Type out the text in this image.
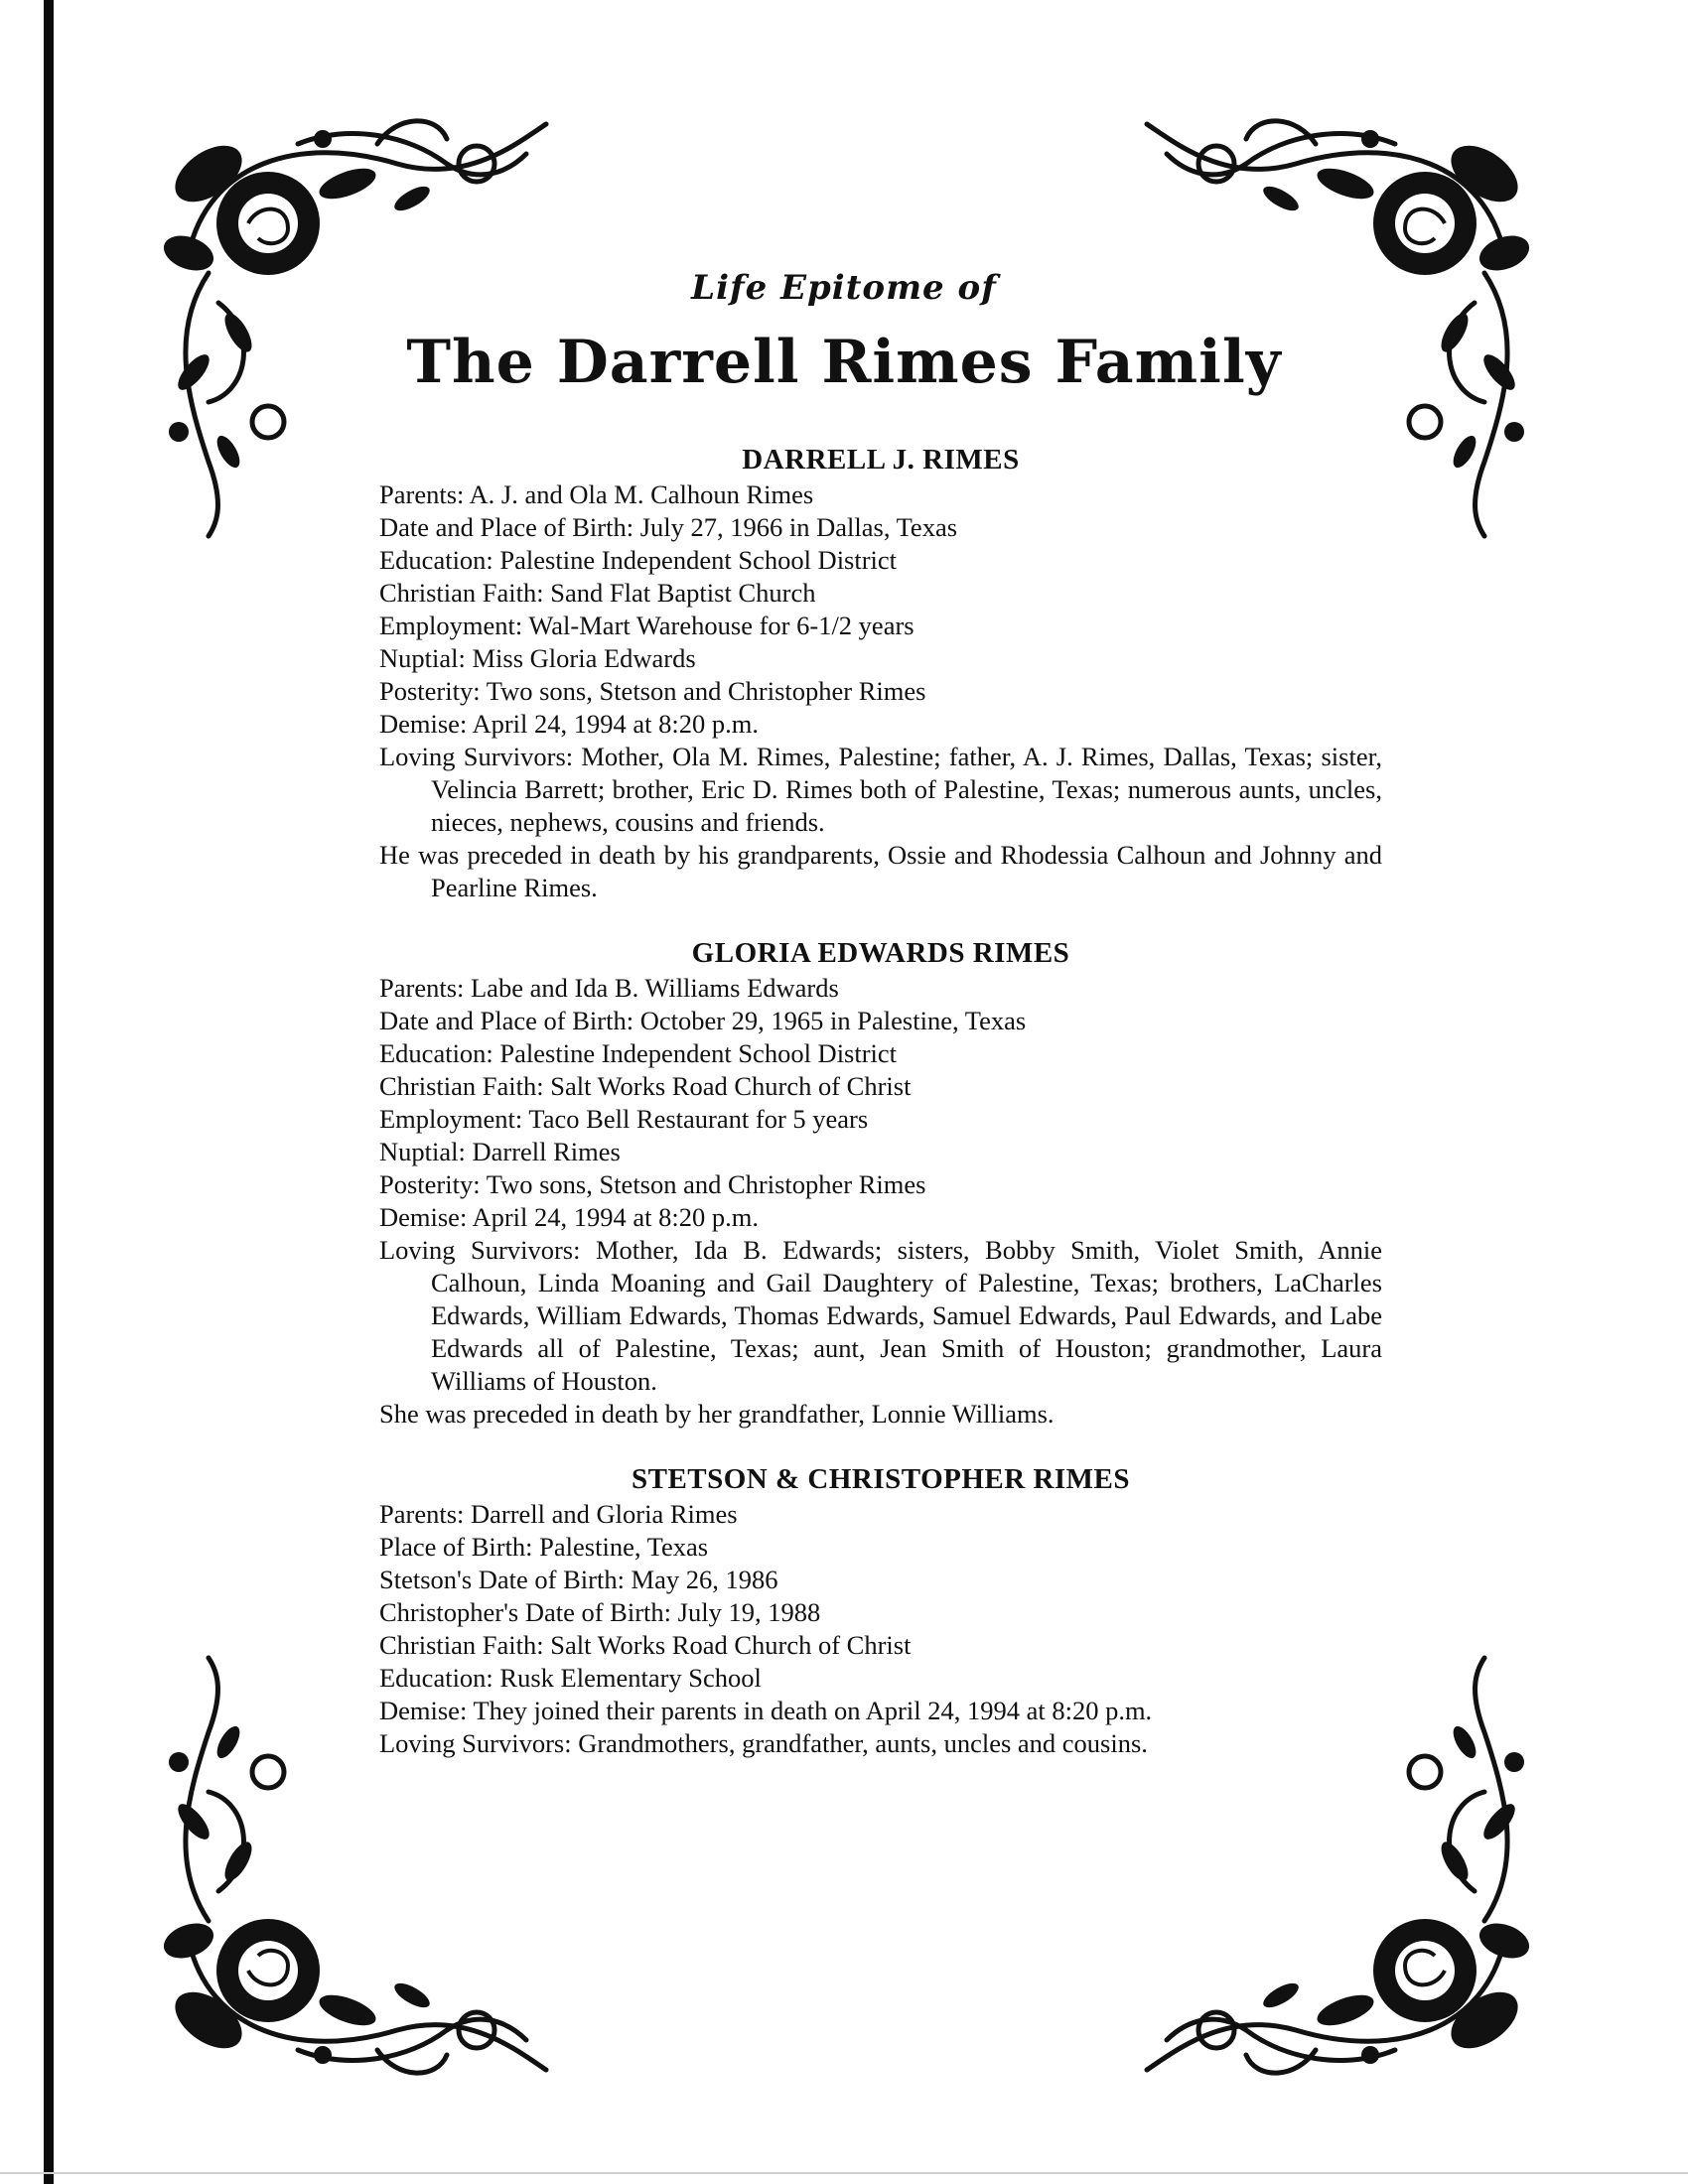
Life Epitome of
The Darrell Rimes Family
DARRELL J. RIMES

Parents: A. J. and Ola M. Calhoun Rimes

Date and Place of Birth: July 27, 1966 in Dallas, Texas

Education: Palestine Independent School District

Christian Faith: Sand Flat Baptist Church

Employment: Wal-Mart Warehouse for 6-1/2 years

Nuptial: Miss Gloria Edwards

Posterity: Two sons, Stetson and Christopher Rimes

Demise: April 24, 1994 at 8:20 p.m.

Loving Survivors: Mother, Ola M. Rimes, Palestine; father, A. J. Rimes, Dallas, Texas; sister, Velincia Barrett; brother, Eric D. Rimes both of Palestine, Texas; numerous aunts, uncles, nieces, nephews, cousins and friends.

He was preceded in death by his grandparents, Ossie and Rhodessia Calhoun and Johnny and Pearline Rimes.

GLORIA EDWARDS RIMES

Parents: Labe and Ida B. Williams Edwards

Date and Place of Birth: October 29, 1965 in Palestine, Texas

Education: Palestine Independent School District

Christian Faith: Salt Works Road Church of Christ

Employment: Taco Bell Restaurant for 5 years

Nuptial: Darrell Rimes

Posterity: Two sons, Stetson and Christopher Rimes

Demise: April 24, 1994 at 8:20 p.m.

Loving Survivors: Mother, Ida B. Edwards; sisters, Bobby Smith, Violet Smith, Annie Calhoun, Linda Moaning and Gail Daughtery of Palestine, Texas; brothers, LaCharles Edwards, William Edwards, Thomas Edwards, Samuel Edwards, Paul Edwards, and Labe Edwards all of Palestine, Texas; aunt, Jean Smith of Houston; grandmother, Laura Williams of Houston.

She was preceded in death by her grandfather, Lonnie Williams.

STETSON & CHRISTOPHER RIMES

Parents: Darrell and Gloria Rimes

Place of Birth: Palestine, Texas

Stetson's Date of Birth: May 26, 1986

Christopher's Date of Birth: July 19, 1988

Christian Faith: Salt Works Road Church of Christ

Education: Rusk Elementary School

Demise: They joined their parents in death on April 24, 1994 at 8:20 p.m.

Loving Survivors: Grandmothers, grandfather, aunts, uncles and cousins.
